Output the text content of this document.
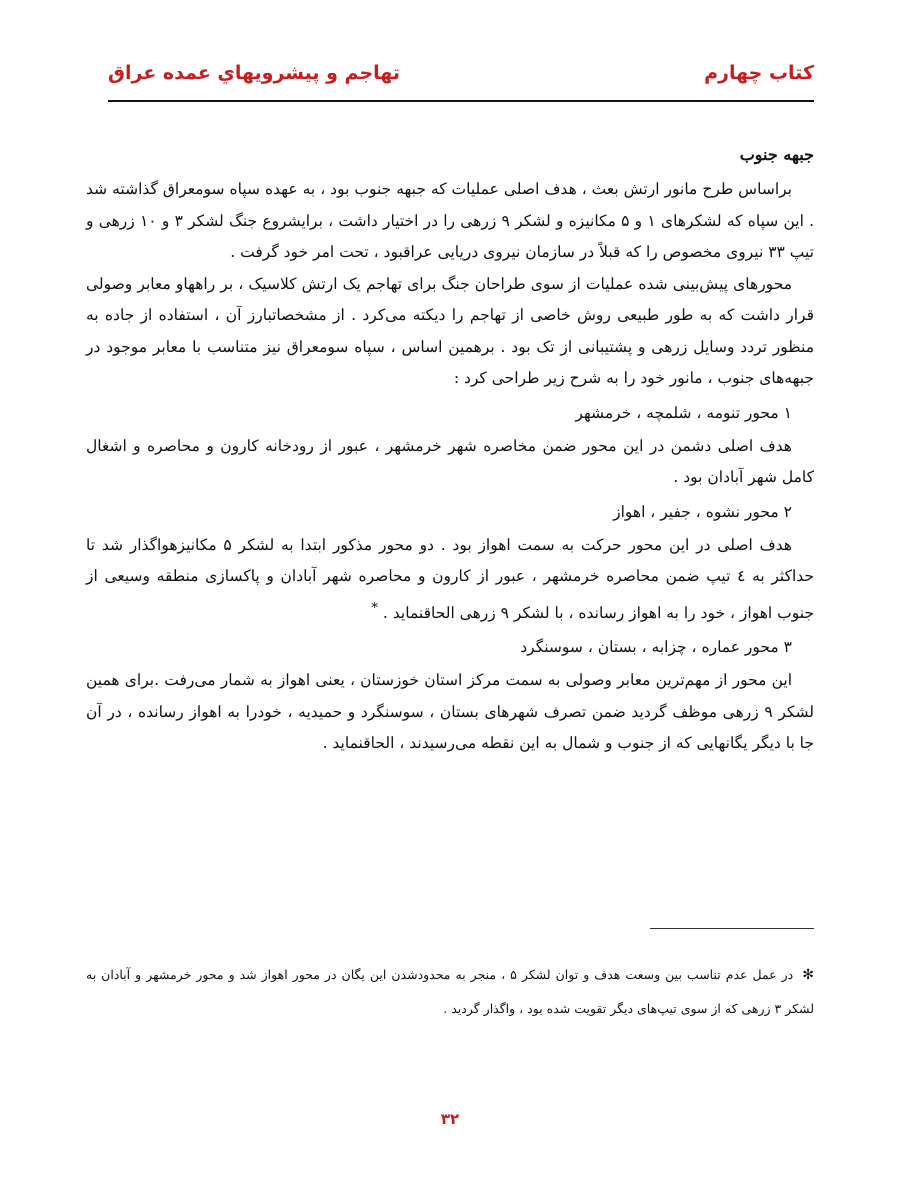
کتاب چهارم
تهاجم و پیشرویهاي عمده عراق

جبهه جنوب

براساس طرح مانور ارتش بعث ، هدف اصلی عملیات که جبهه جنوب بود ، به عهده سپاه سومعراق گذاشته شد . این سپاه که لشکرهای ۱ و ۵ مکانیزه و لشکر ۹ زرهی را در اختیار داشت ، برایشروع جنگ لشکر ۳ و ۱۰ زرهی و تیپ ۳۳ نیروی مخصوص را که قبلاً در سازمان نیروی دریایی عراقبود ، تحت امر خود گرفت .

محورهای پیش‌بینی شده عملیات از سوی طراحان جنگ برای تهاجم یک ارتش کلاسیک ، بر راههاو معابر وصولی قرار داشت که به طور طبیعی روش خاصی از تهاجم را دیکته می‌کرد . از مشخصاتبارز آن ، استفاده از جاده به منظور تردد وسایل زرهی و پشتیبانی از تک بود . برهمین اساس ، سپاه سومعراق نیز متناسب با معابر موجود در جبهه‌های جنوب ، مانور خود را به شرح زیر طراحی کرد :

۱ محور تنومه ، شلمچه ، خرمشهر

هدف اصلی دشمن در این محور ضمن مخاصره شهر خرمشهر ، عبور از رودخانه کارون و محاصره و اشغال کامل شهر آبادان بود .

۲ محور نشوه ، جفیر ، اهواز

هدف اصلی در این محور حرکت به سمت اهواز بود . دو محور مذکور ابتدا به لشکر ۵ مکانیزهواگذار شد تا حداکثر به ٤ تیپ ضمن محاصره خرمشهر ، عبور از کارون و محاصره شهر آبادان و پاکسازی منطقه وسیعی از جنوب اهواز ، خود را به اهواز رسانده ، با لشکر ۹ زرهی الحاقنماید . *

۳ محور عماره ، چزابه ، بستان ، سوسنگرد

این محور از مهم‌ترین معابر وصولی به سمت مرکز استان خوزستان ، یعنی اهواز به شمار می‌رفت .برای همین لشکر ۹ زرهی موظف گردید ضمن تصرف شهرهای بستان ، سوسنگرد و حمیدیه ، خودرا به اهواز رسانده ، در آن جا با دیگر یگانهایی که از جنوب و شمال به این نقطه می‌رسیدند ، الحاقنماید .

✻ در عمل عدم تناسب بین وسعت هدف و توان لشکر ۵ ، منجر به محدودشدن این یگان در محور اهواز شد و محور خرمشهر و آبادان به لشکر ۳ زرهی که از سوی تیپ‌های دیگر تقویت شده بود ، واگذار گردید .
۳۲
